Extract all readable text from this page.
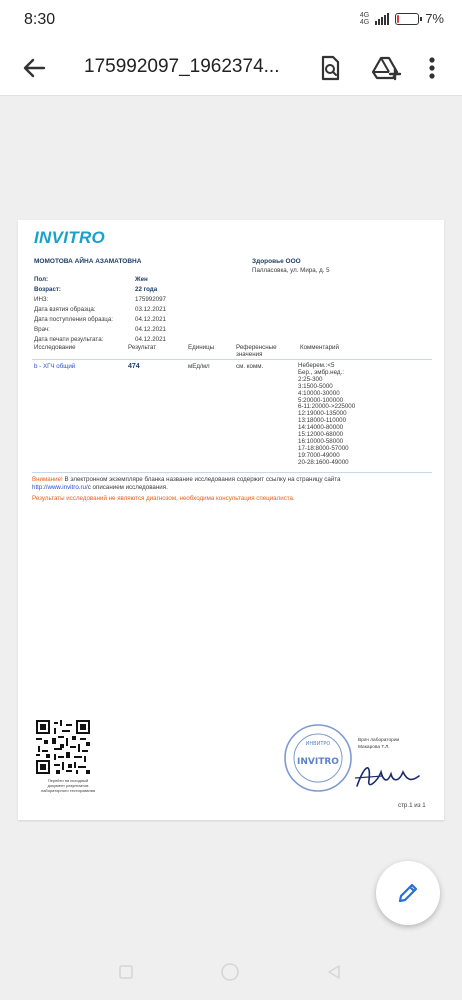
8:30	4G
4G	7%
175992097_1962374...
INVITRO
МОМОТОВА АЙНА АЗАМАТОВНА	Здоровье ООО
Палласовка, ул. Мира, д. 5
Пол:	Жен
Возраст:	22 года
ИНЗ:	175992097
Дата взятия образца:	03.12.2021
Дата поступления образца:	04.12.2021
Врач:	04.12.2021
Дата печати результата:	04.12.2021
Исследование	Результат	Единицы	Референсные
значения
Комментарий
b - ХГЧ общий	474	мЕд/мл	см. комм.	Неберем.:<5
Бер., эмбр.нед.:
2:25-300
3:1500-5000
4:10000-30000
5:20000-100000
6-11:20000->225000
12:19000-135000
13:18000-110000
14:14000-80000
15:12000-68000
16:10000-58000
17-18:8000-57000
19:7000-49000
20-28:1600-49000
Внимание! В электронном экземпляре бланка название исследования содержит ссылку на страницу сайта
http://www.invitro.ru/с описанием исследования.
Результаты исследований не являются диагнозом, необходима консультация специалиста.
Перейти на исходный
документ результатов
лабораторного тестирования
ИНВИТРО
INVITRO
Врач лаборатории
Макарова Т.Л.
стр.1 из 1
